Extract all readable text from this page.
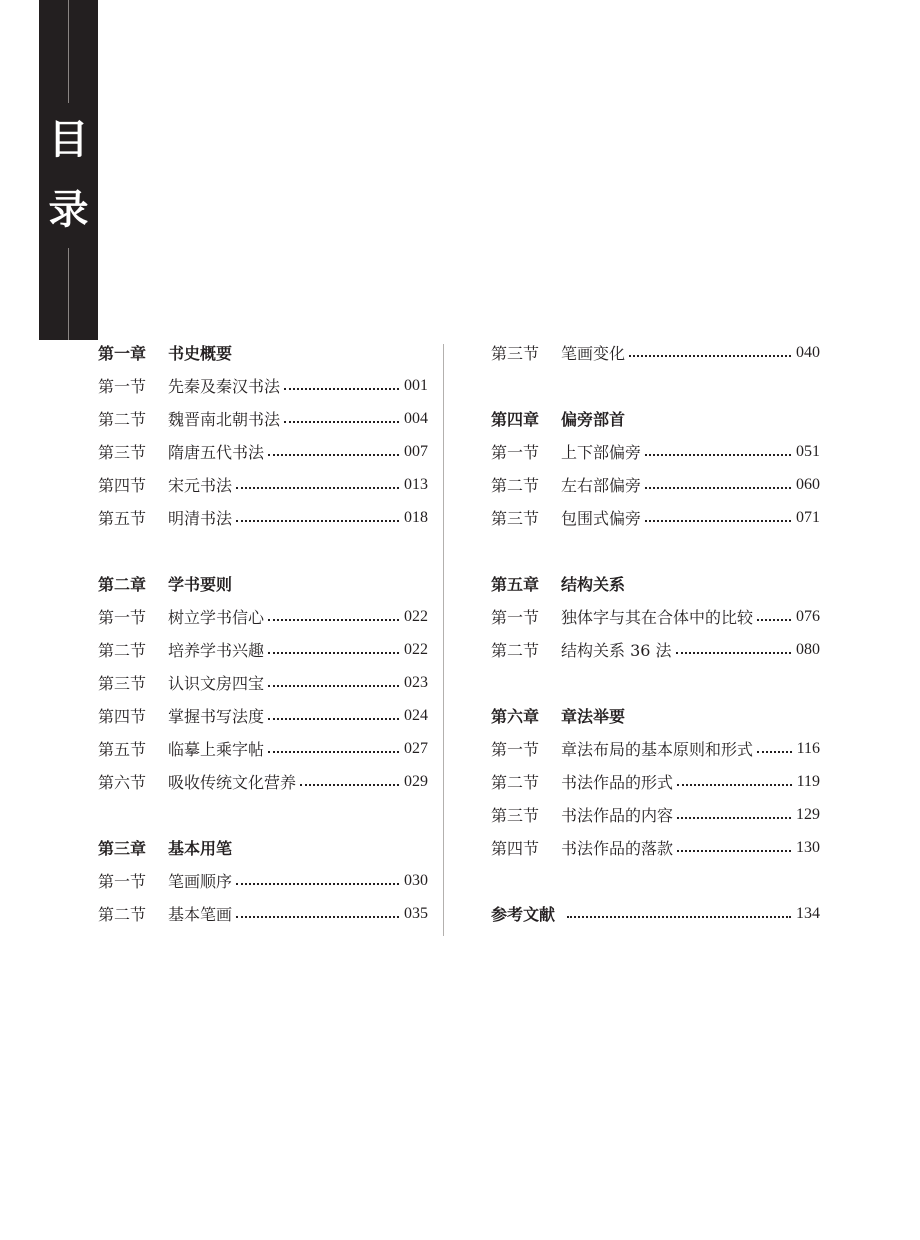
目
录
第一章	书史概要
第一节	先秦及秦汉书法	001
第二节	魏晋南北朝书法	004
第三节	隋唐五代书法	007
第四节	宋元书法	013
第五节	明清书法	018
第二章	学书要则
第一节	树立学书信心	022
第二节	培养学书兴趣	022
第三节	认识文房四宝	023
第四节	掌握书写法度	024
第五节	临摹上乘字帖	027
第六节	吸收传统文化营养	029
第三章	基本用笔
第一节	笔画顺序	030
第二节	基本笔画	035
第三节	笔画变化	040
第四章	偏旁部首
第一节	上下部偏旁	051
第二节	左右部偏旁	060
第三节	包围式偏旁	071
第五章	结构关系
第一节	独体字与其在合体中的比较	076
第二节	结构关系 36 法	080
第六章	章法举要
第一节	章法布局的基本原则和形式	116
第二节	书法作品的形式	119
第三节	书法作品的内容	129
第四节	书法作品的落款	130
参考文献	134
